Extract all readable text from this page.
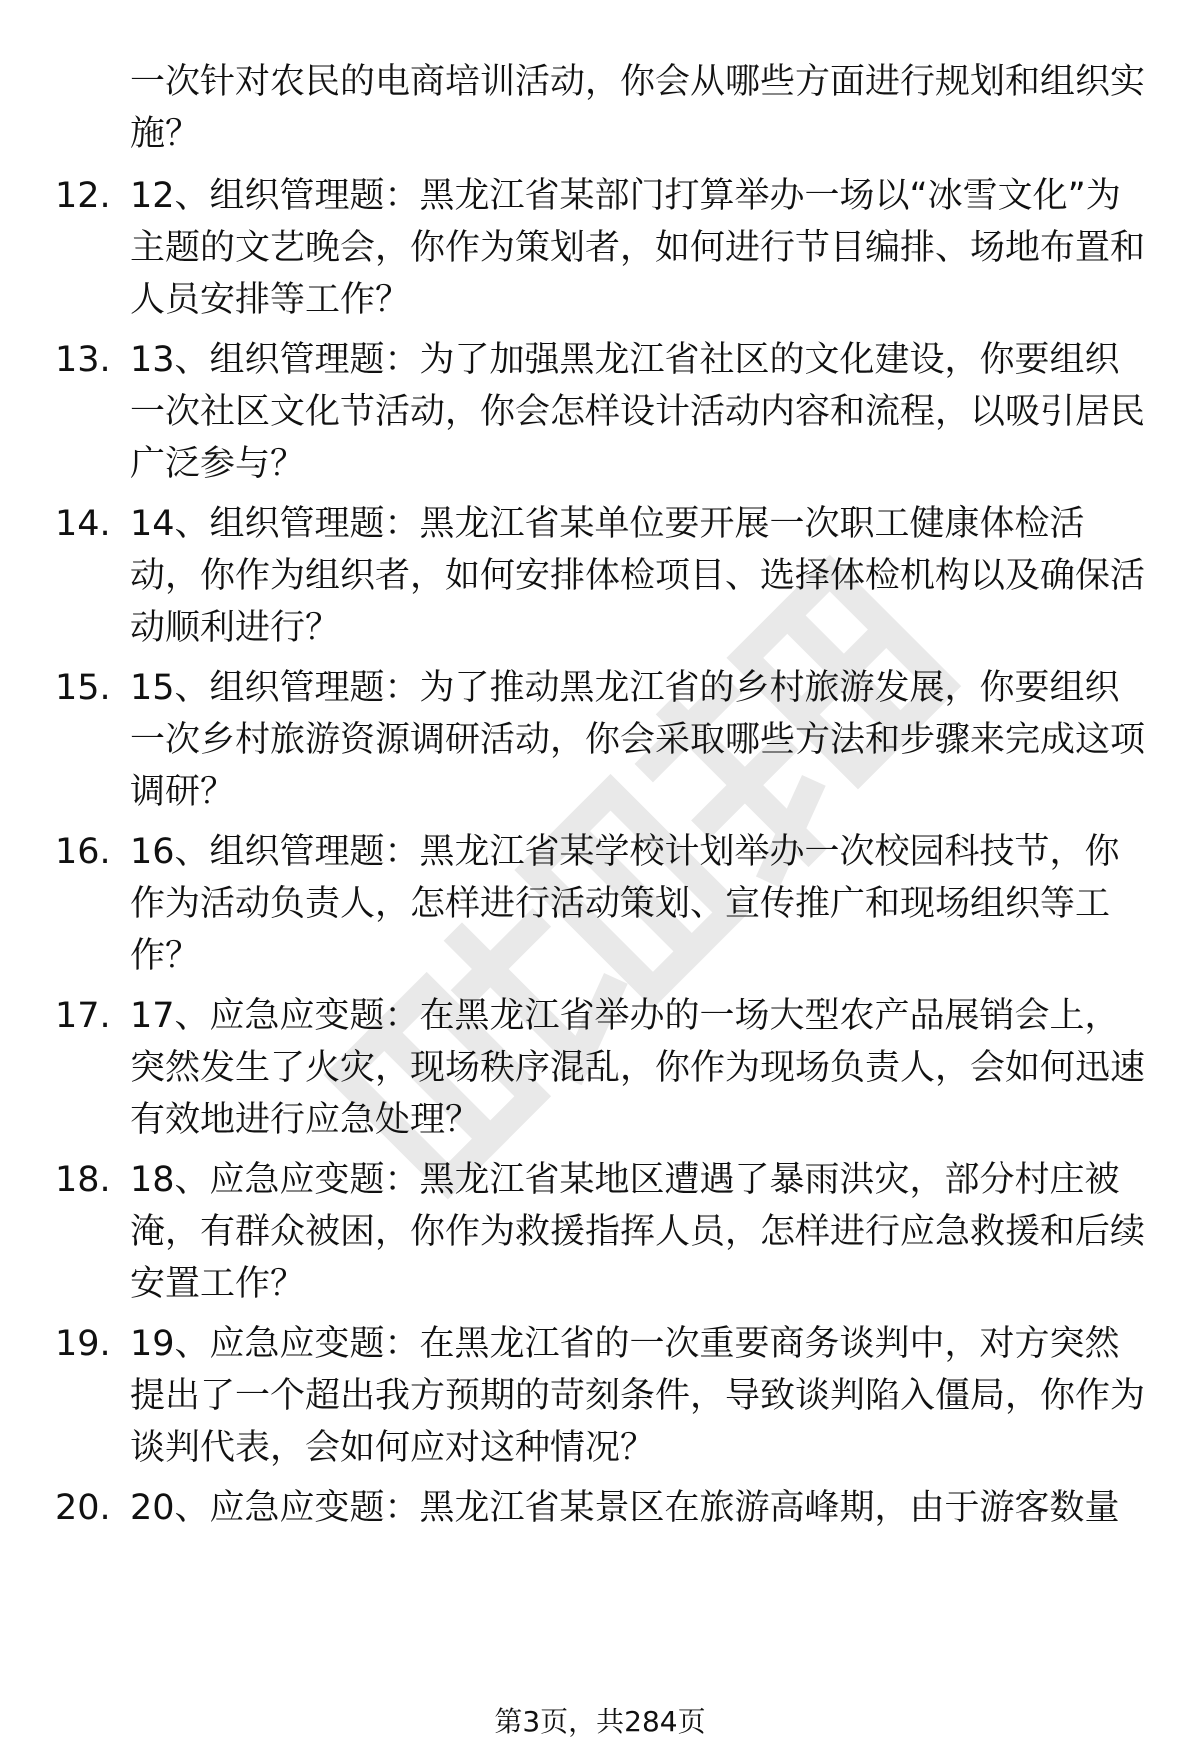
一次针对农民的电商培训活动，你会从哪些方面进行规划和组织实施？
12. 12、组织管理题：黑龙江省某部门打算举办一场以“冰雪文化”为主题的文艺晚会，你作为策划者，如何进行节目编排、场地布置和人员安排等工作？
13. 13、组织管理题：为了加强黑龙江省社区的文化建设，你要组织一次社区文化节活动，你会怎样设计活动内容和流程，以吸引居民广泛参与？
14. 14、组织管理题：黑龙江省某单位要开展一次职工健康体检活动，你作为组织者，如何安排体检项目、选择体检机构以及确保活动顺利进行？
15. 15、组织管理题：为了推动黑龙江省的乡村旅游发展，你要组织一次乡村旅游资源调研活动，你会采取哪些方法和步骤来完成这项调研？
16. 16、组织管理题：黑龙江省某学校计划举办一次校园科技节，你作为活动负责人，怎样进行活动策划、宣传推广和现场组织等工作？
17. 17、应急应变题：在黑龙江省举办的一场大型农产品展销会上，突然发生了火灾，现场秩序混乱，你作为现场负责人，会如何迅速有效地进行应急处理？
18. 18、应急应变题：黑龙江省某地区遭遇了暴雨洪灾，部分村庄被淹，有群众被困，你作为救援指挥人员，怎样进行应急救援和后续安置工作？
19. 19、应急应变题：在黑龙江省的一次重要商务谈判中，对方突然提出了一个超出我方预期的苛刻条件，导致谈判陷入僵局，你作为谈判代表，会如何应对这种情况？
20. 20、应急应变题：黑龙江省某景区在旅游高峰期，由于游客数量
第3页，共284页
